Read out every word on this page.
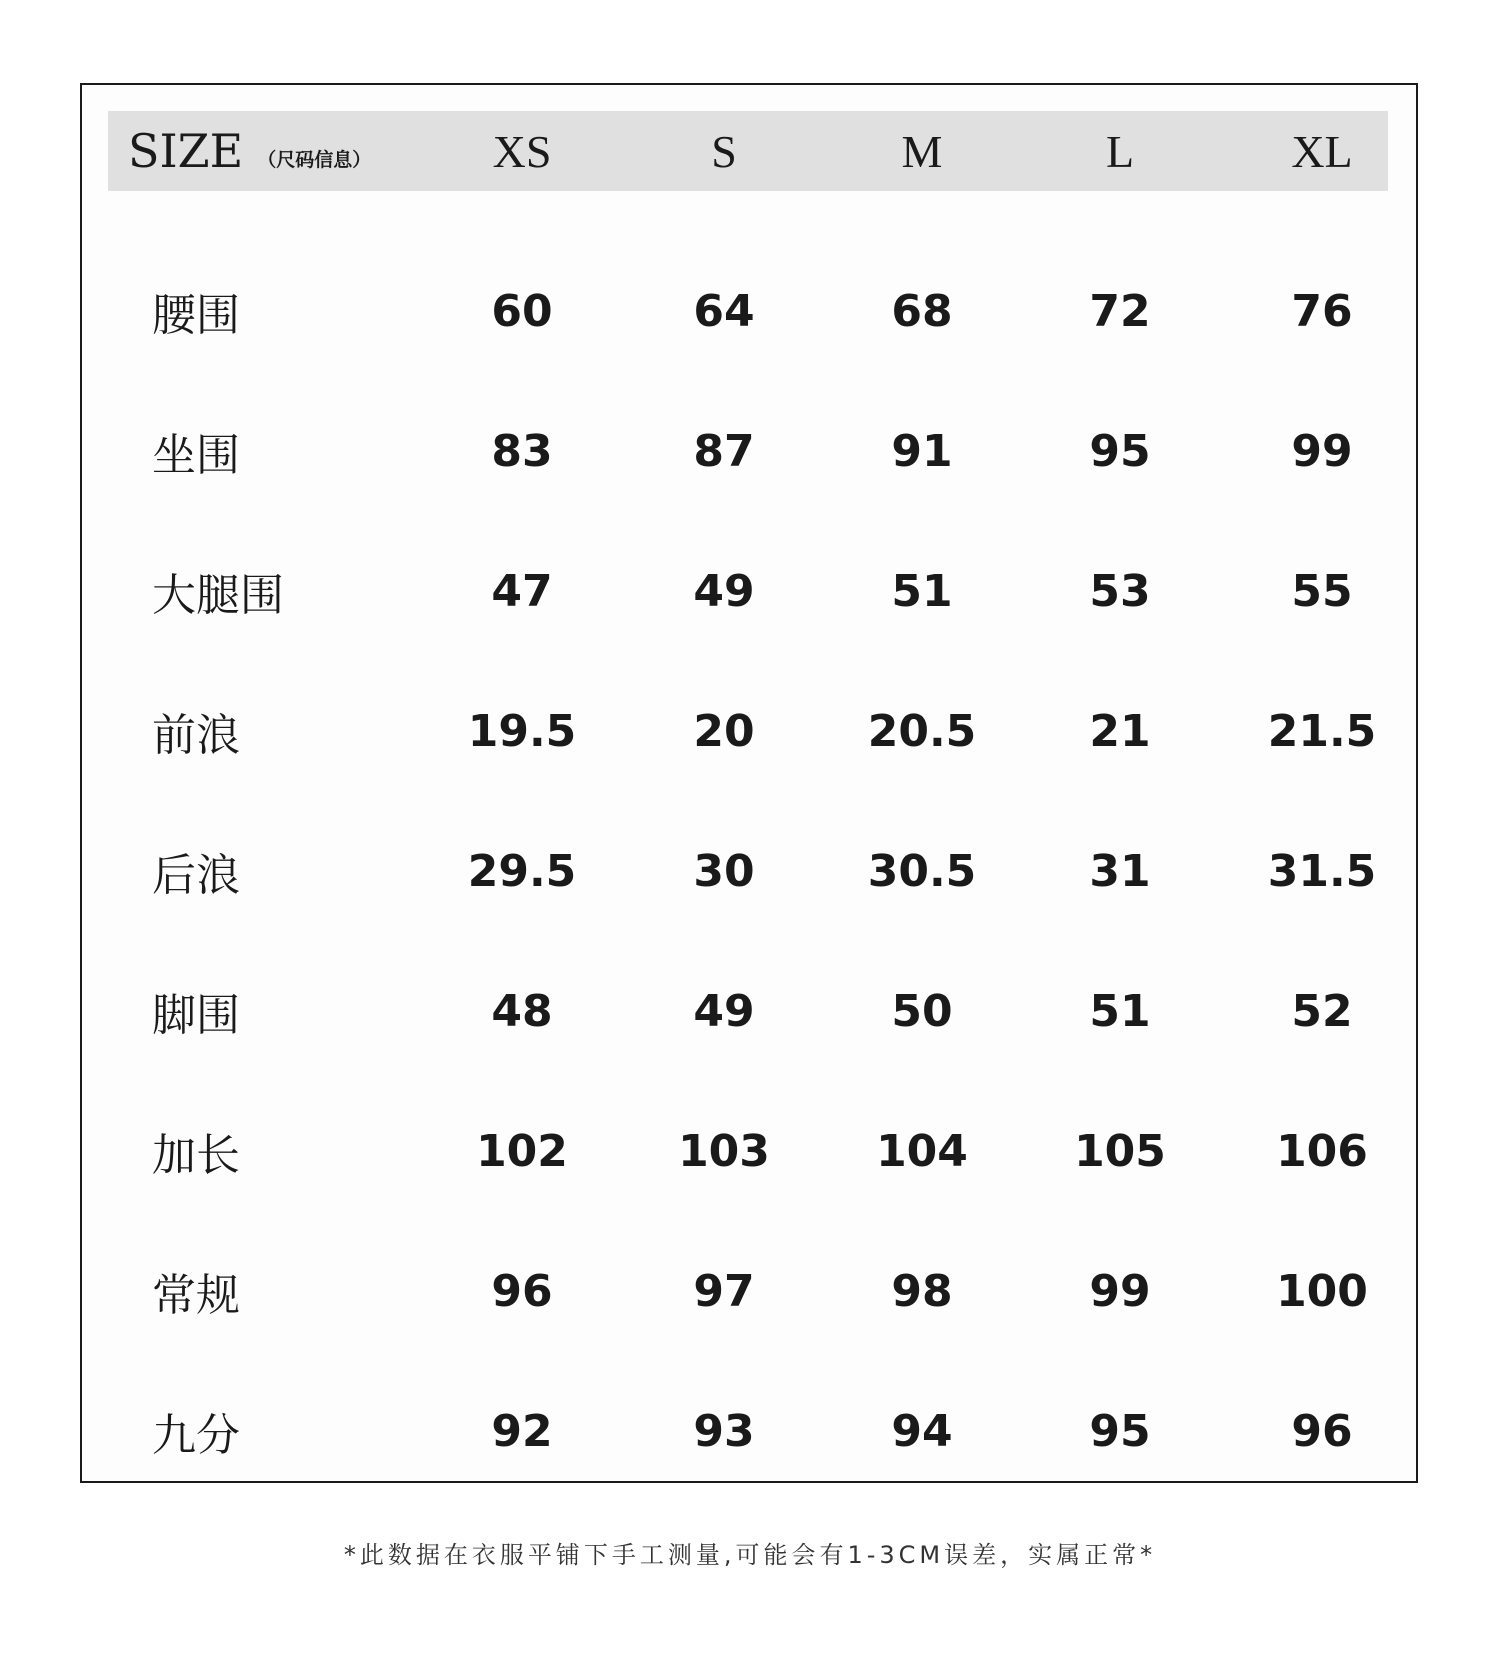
SIZE （尺码信息）	XS	S	M	L	XL
腰围	60	64	68	72	76
坐围	83	87	91	95	99
大腿围	47	49	51	53	55
前浪	19.5	20	20.5	21	21.5
后浪	29.5	30	30.5	31	31.5
脚围	48	49	50	51	52
加长	102	103	104	105	106
常规	96	97	98	99	100
九分	92	93	94	95	96
*此数据在衣服平铺下手工测量,可能会有1-3CM误差，实属正常*
